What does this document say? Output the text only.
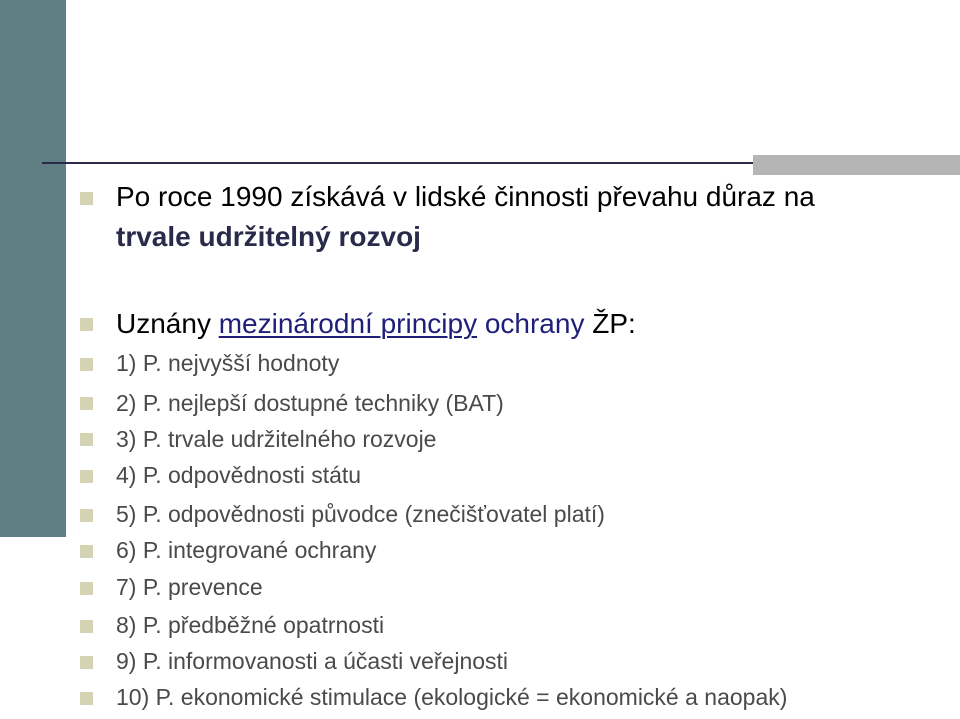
Po roce 1990 získává v lidské činnosti převahu důraz na
trvale udržitelný rozvoj
Uznány mezinárodní principy ochrany ŽP:
1) P. nejvyšší hodnoty
2) P. nejlepší dostupné techniky (BAT)
3) P. trvale udržitelného rozvoje
4) P. odpovědnosti státu
5) P. odpovědnosti původce (znečišťovatel platí)
6) P. integrované ochrany
7) P. prevence
8) P. předběžné opatrnosti
9) P. informovanosti a účasti veřejnosti
10) P. ekonomické stimulace (ekologické = ekonomické a naopak)
